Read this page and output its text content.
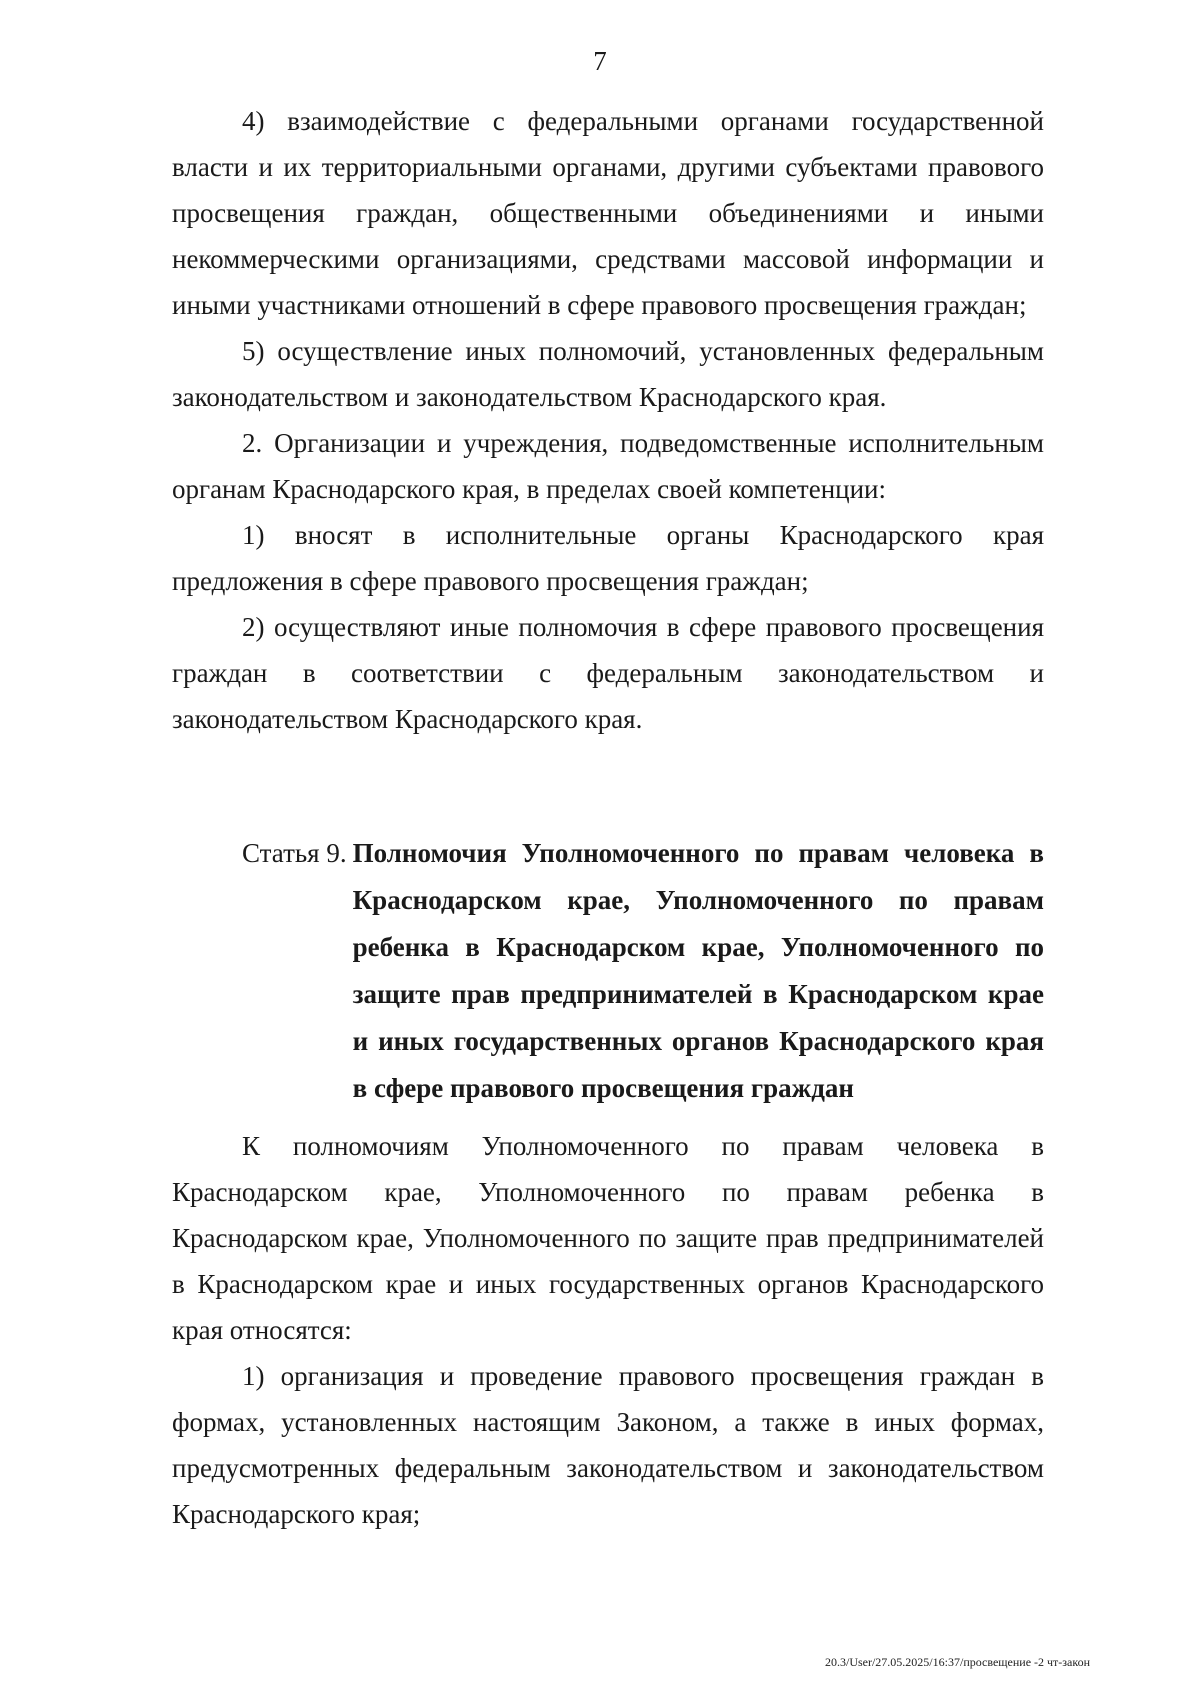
7

4) взаимодействие с федеральными органами государственной власти и их территориальными органами, другими субъектами правового просвещения граждан, общественными объединениями и иными некоммерческими организациями, средствами массовой информации и иными участниками отношений в сфере правового просвещения граждан;

5) осуществление иных полномочий, установленных федеральным законодательством и законодательством Краснодарского края.

2. Организации и учреждения, подведомственные исполнительным органам Краснодарского края, в пределах своей компетенции:

1) вносят в исполнительные органы Краснодарского края предложения в сфере правового просвещения граждан;

2) осуществляют иные полномочия в сфере правового просвещения граждан в соответствии с федеральным законодательством и законодательством Краснодарского края.

Статья 9. Полномочия Уполномоченного по правам человека в Краснодарском крае, Уполномоченного по правам ребенка в Краснодарском крае, Уполномоченного по защите прав предпринимателей в Краснодарском крае и иных государственных органов Краснодарского края в сфере правового просвещения граждан

К полномочиям Уполномоченного по правам человека в Краснодарском крае, Уполномоченного по правам ребенка в Краснодарском крае, Уполномоченного по защите прав предпринимателей в Краснодарском крае и иных государственных органов Краснодарского края относятся:

1) организация и проведение правового просвещения граждан в формах, установленных настоящим Законом, а также в иных формах, предусмотренных федеральным законодательством и законодательством Краснодарского края;

20.3/User/27.05.2025/16:37/просвещение -2 чт-закон
